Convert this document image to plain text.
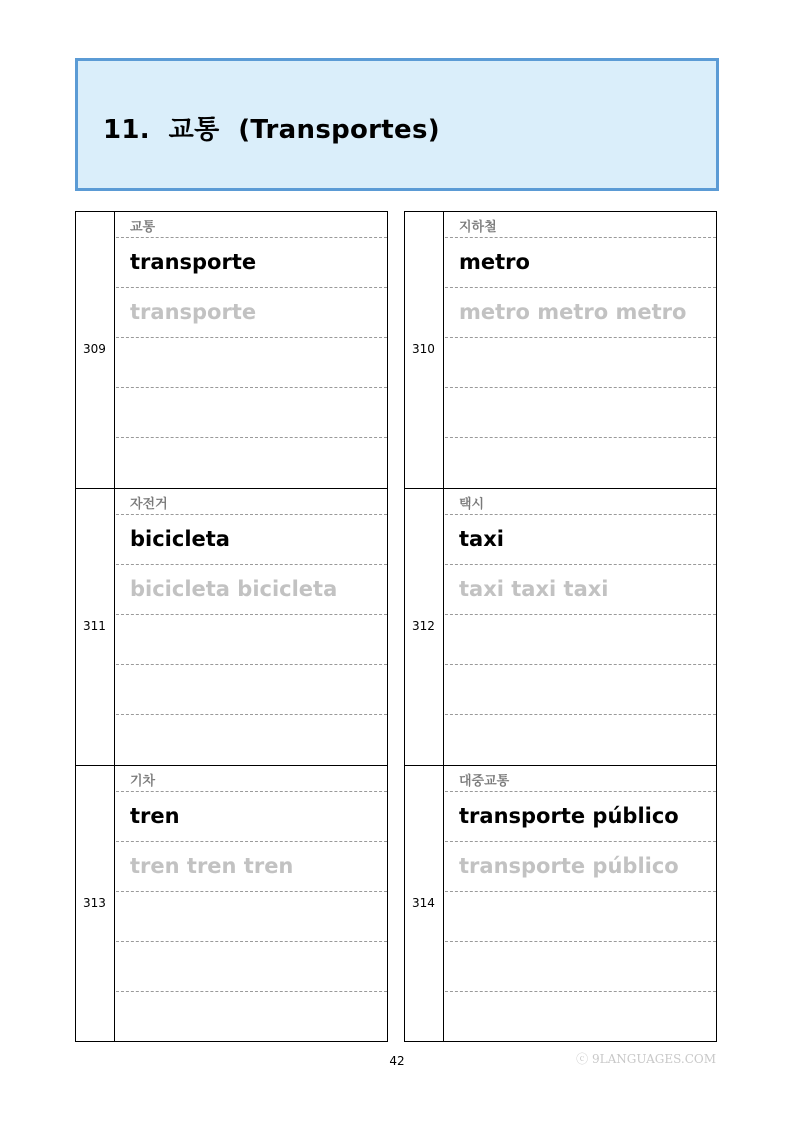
11.  교통  (Transportes)
309
교통
transporte
transporte
310
지하철
metro
metro metro metro
311
자전거
bicicleta
bicicleta bicicleta
312
택시
taxi
taxi taxi taxi
313
기차
tren
tren tren tren
314
대중교통
transporte público
transporte público
42	ⓒ 9LANGUAGES.COM
